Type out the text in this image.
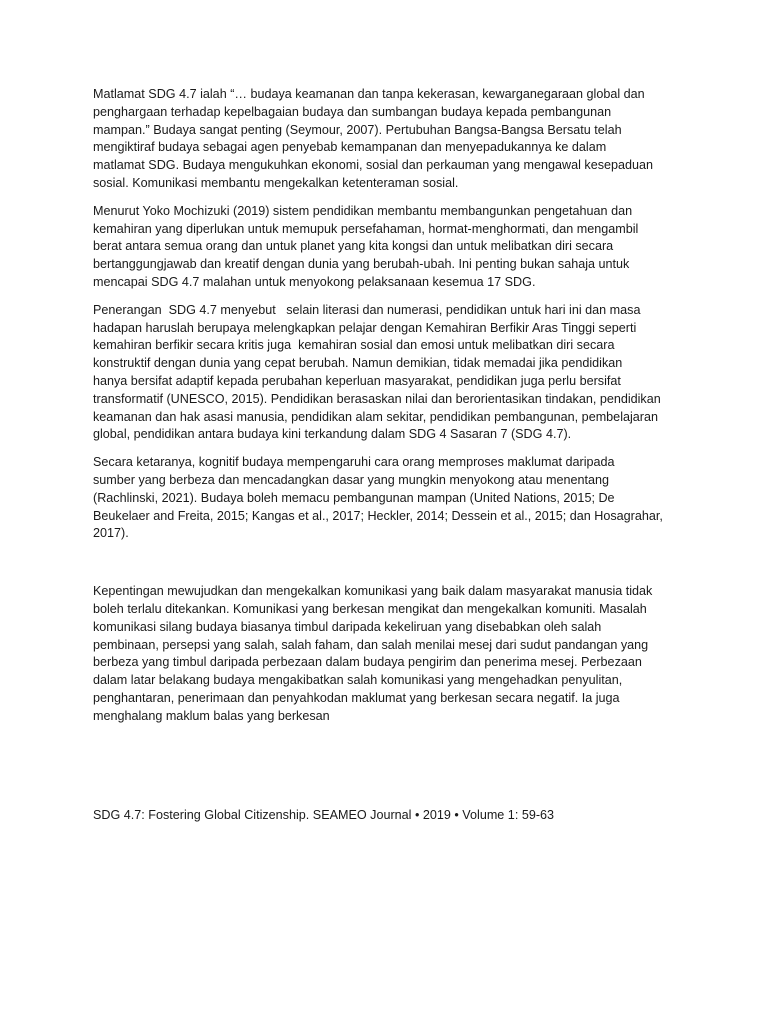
Matlamat SDG 4.7 ialah “… budaya keamanan dan tanpa kekerasan, kewarganegaraan global dan
penghargaan terhadap kepelbagaian budaya dan sumbangan budaya kepada pembangunan
mampan.” Budaya sangat penting (Seymour, 2007). Pertubuhan Bangsa-Bangsa Bersatu telah
mengiktiraf budaya sebagai agen penyebab kemampanan dan menyepadukannya ke dalam
matlamat SDG. Budaya mengukuhkan ekonomi, sosial dan perkauman yang mengawal kesepaduan
sosial. Komunikasi membantu mengekalkan ketenteraman sosial.

Menurut Yoko Mochizuki (2019) sistem pendidikan membantu membangunkan pengetahuan dan
kemahiran yang diperlukan untuk memupuk persefahaman, hormat-menghormati, dan mengambil
berat antara semua orang dan untuk planet yang kita kongsi dan untuk melibatkan diri secara
bertanggungjawab dan kreatif dengan dunia yang berubah-ubah. Ini penting bukan sahaja untuk
mencapai SDG 4.7 malahan untuk menyokong pelaksanaan kesemua 17 SDG.

Penerangan  SDG 4.7 menyebut   selain literasi dan numerasi, pendidikan untuk hari ini dan masa
hadapan haruslah berupaya melengkapkan pelajar dengan Kemahiran Berfikir Aras Tinggi seperti
kemahiran berfikir secara kritis juga  kemahiran sosial dan emosi untuk melibatkan diri secara
konstruktif dengan dunia yang cepat berubah. Namun demikian, tidak memadai jika pendidikan
hanya bersifat adaptif kepada perubahan keperluan masyarakat, pendidikan juga perlu bersifat
transformatif (UNESCO, 2015). Pendidikan berasaskan nilai dan berorientasikan tindakan, pendidikan
keamanan dan hak asasi manusia, pendidikan alam sekitar, pendidikan pembangunan, pembelajaran
global, pendidikan antara budaya kini terkandung dalam SDG 4 Sasaran 7 (SDG 4.7).

Secara ketaranya, kognitif budaya mempengaruhi cara orang memproses maklumat daripada
sumber yang berbeza dan mencadangkan dasar yang mungkin menyokong atau menentang
(Rachlinski, 2021). Budaya boleh memacu pembangunan mampan (United Nations, 2015; De
Beukelaer and Freita, 2015; Kangas et al., 2017; Heckler, 2014; Dessein et al., 2015; dan Hosagrahar,
2017).

Kepentingan mewujudkan dan mengekalkan komunikasi yang baik dalam masyarakat manusia tidak
boleh terlalu ditekankan. Komunikasi yang berkesan mengikat dan mengekalkan komuniti. Masalah
komunikasi silang budaya biasanya timbul daripada kekeliruan yang disebabkan oleh salah
pembinaan, persepsi yang salah, salah faham, dan salah menilai mesej dari sudut pandangan yang
berbeza yang timbul daripada perbezaan dalam budaya pengirim dan penerima mesej. Perbezaan
dalam latar belakang budaya mengakibatkan salah komunikasi yang mengehadkan penyulitan,
penghantaran, penerimaan dan penyahkodan maklumat yang berkesan secara negatif. Ia juga
menghalang maklum balas yang berkesan

SDG 4.7: Fostering Global Citizenship. SEAMEO Journal • 2019 • Volume 1: 59-63
